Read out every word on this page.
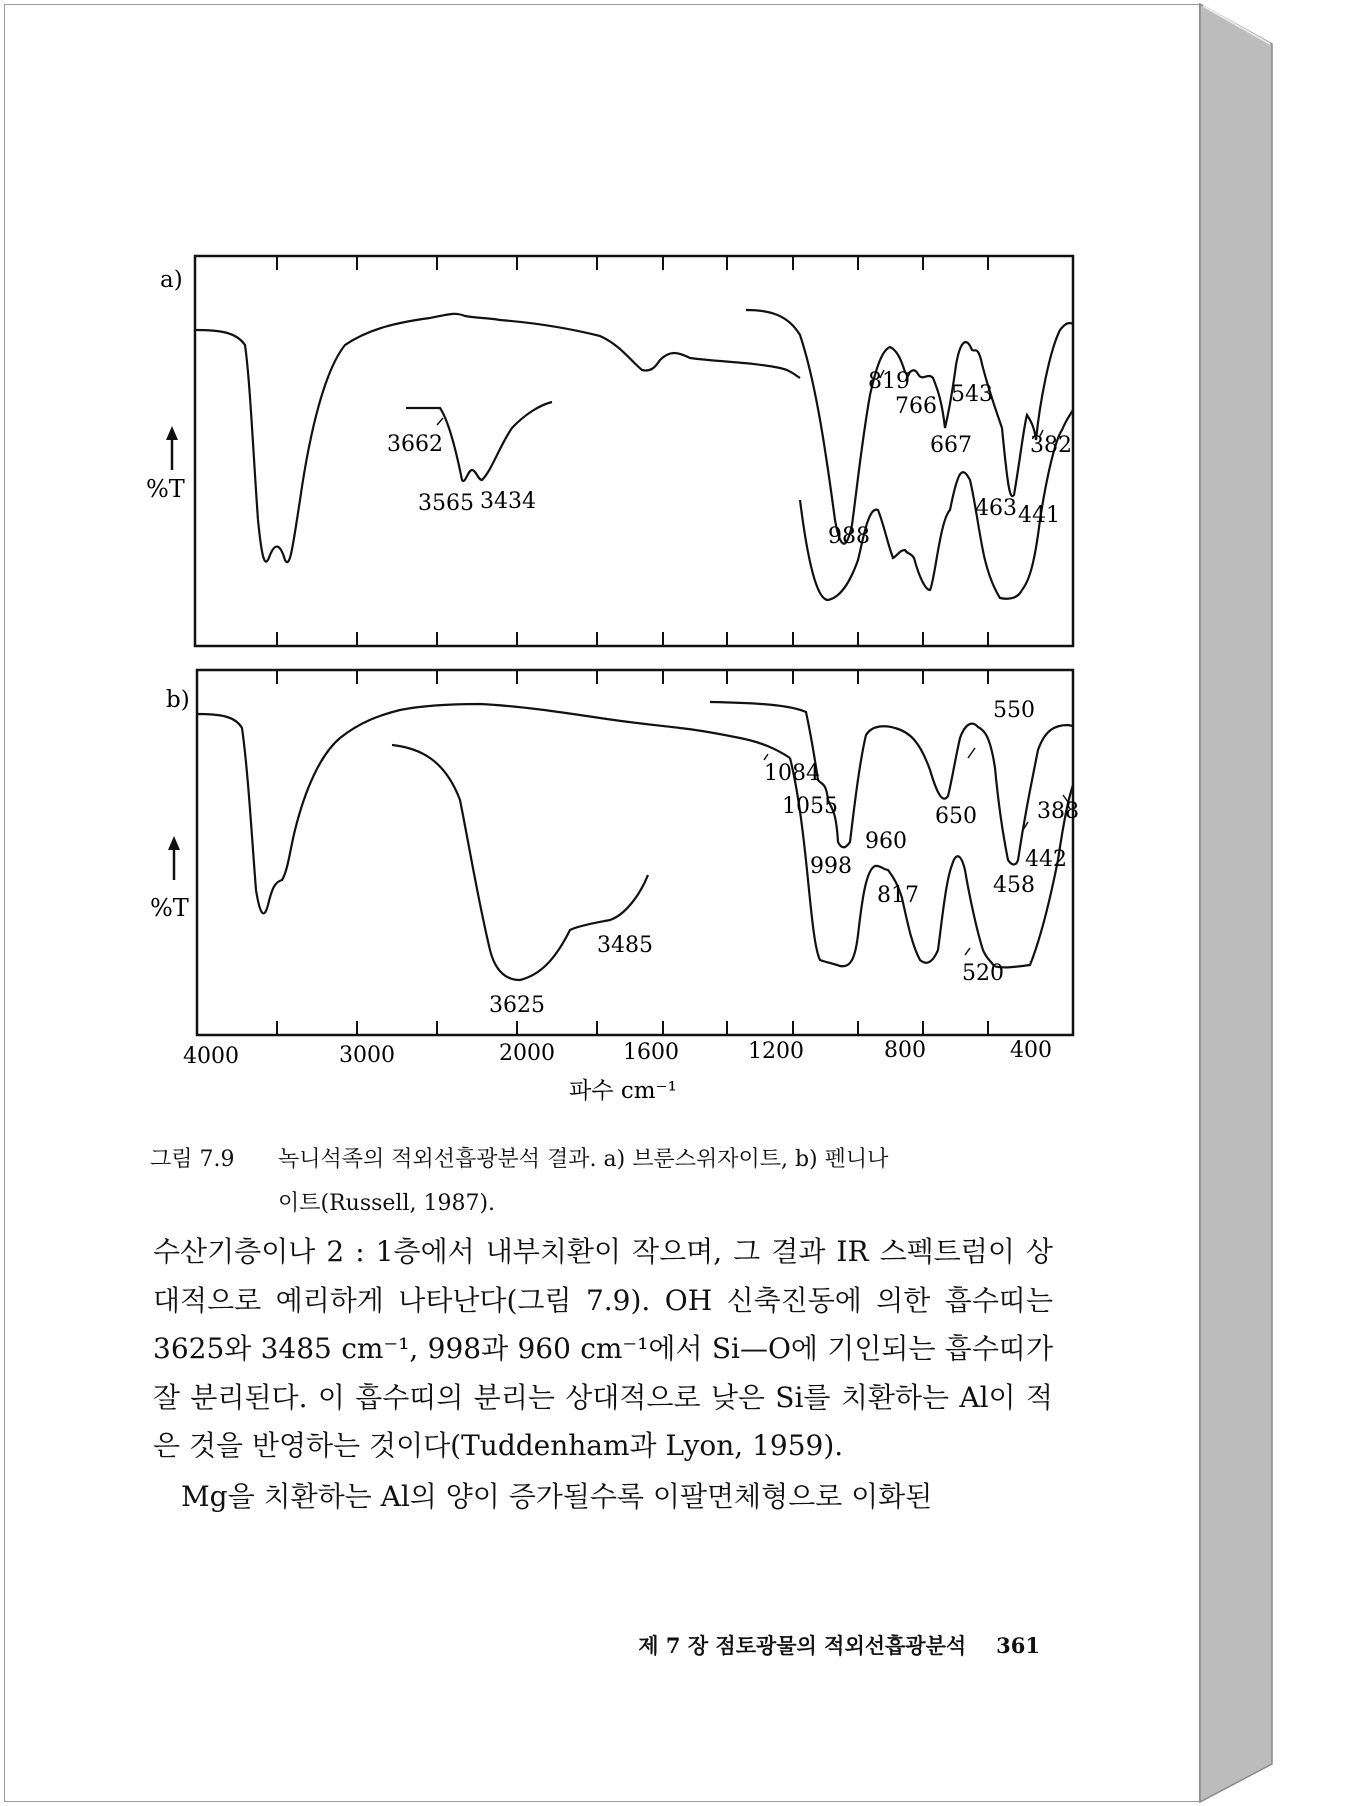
a)
%T
819
766 543
3662	667	382
3565 3434	463 441
988
b)
%T
550
1084
1055	650	388
960
998	442
458
817
3485
520
3625
4000	3000	2000	1600	1200	800	400
파수 cm⁻¹
그림 7.9 녹니석족의 적외선흡광분석 결과. a) 브룬스위자이트, b) 펜니나
이트(Russell, 1987).

수산기층이나 2 : 1층에서 내부치환이 작으며, 그 결과 IR 스펙트럼이 상대적으로 예리하게 나타난다(그림 7.9). OH 신축진동에 의한 흡수띠는 3625와 3485 cm⁻¹, 998과 960 cm⁻¹에서 Si—O에 기인되는 흡수띠가 잘 분리된다. 이 흡수띠의 분리는 상대적으로 낮은 Si를 치환하는 Al이 적은 것을 반영하는 것이다(Tuddenham과 Lyon, 1959).

Mg을 치환하는 Al의 양이 증가될수록 이팔면체형으로 이화된

제 7 장 점토광물의 적외선흡광분석 361
